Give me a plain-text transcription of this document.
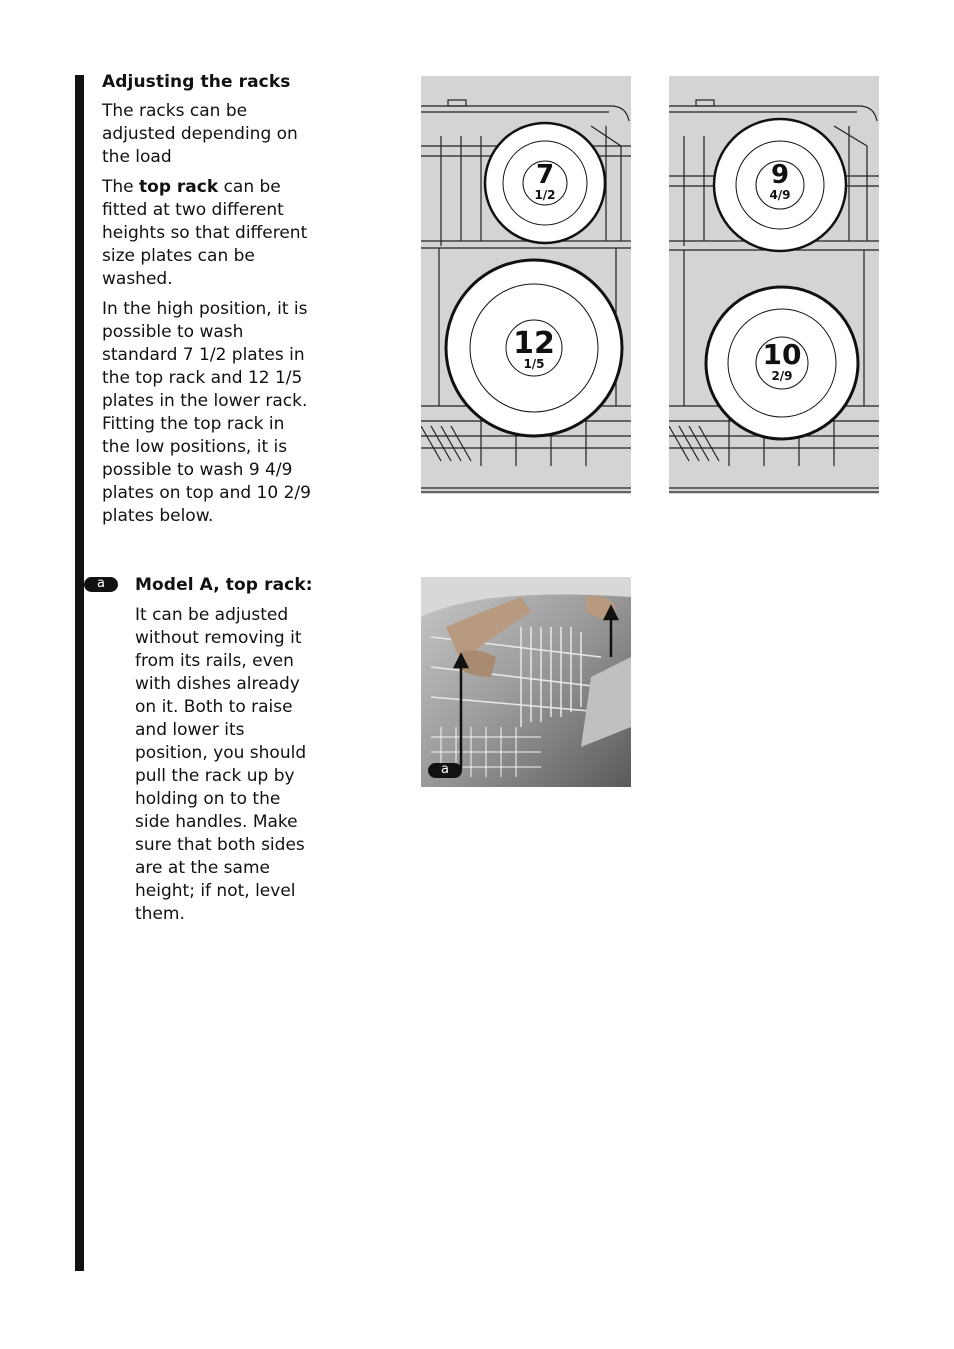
Adjusting the racks

The racks can be adjusted depending on the load

The top rack can be fitted at two different heights so that different size plates can be washed.

In the high position, it is possible to wash standard 7 1/2 plates in the top rack and 12 1/5 plates in the lower rack. Fitting the top rack in the low positions, it is possible to wash 9 4/9 plates on top and 10 2/9 plates below.

a	Model A, top rack:

It can be adjusted without removing it from its rails, even with dishes already on it. Both to raise and lower its position, you should pull the rack up by holding on to the side handles. Make sure that both sides are at the same height; if not, level them.

7
1/2
12
1/5
9
4/9
10
2/9
a
